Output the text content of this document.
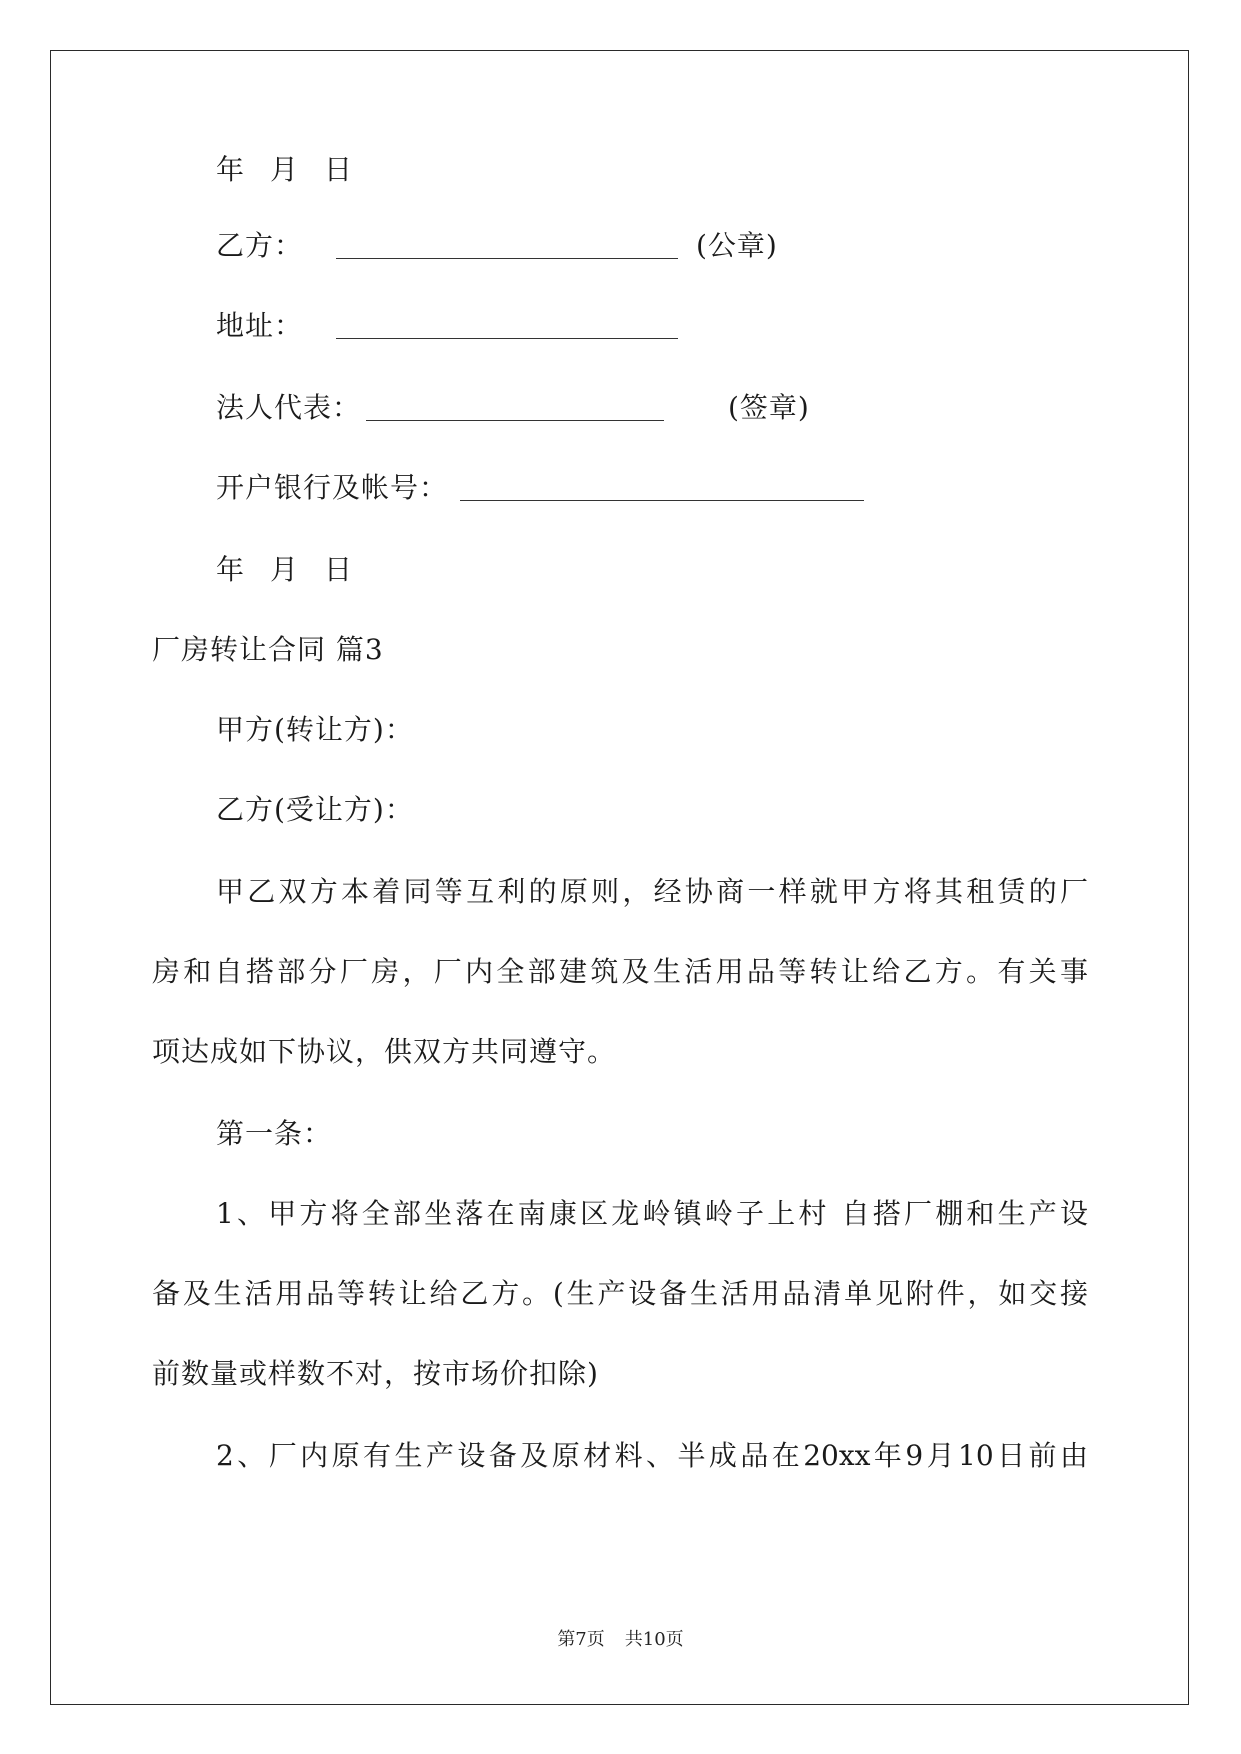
年 月 日
乙方：	(公章)
地址：
法人代表：	(签章)
开户银行及帐号：
年 月 日
厂房转让合同 篇3
甲方(转让方)：
乙方(受让方)：
甲乙双方本着同等互利的原则，经协商一样就甲方将其租赁的厂
房和自搭部分厂房，厂内全部建筑及生活用品等转让给乙方。有关事
项达成如下协议，供双方共同遵守。
第一条：
1、甲方将全部坐落在南康区龙岭镇岭子上村 自搭厂棚和生产设
备及生活用品等转让给乙方。(生产设备生活用品清单见附件，如交接
前数量或样数不对，按市场价扣除)
2、厂内原有生产设备及原材料、半成品在20xx年9月10日前由
第7页 共10页
